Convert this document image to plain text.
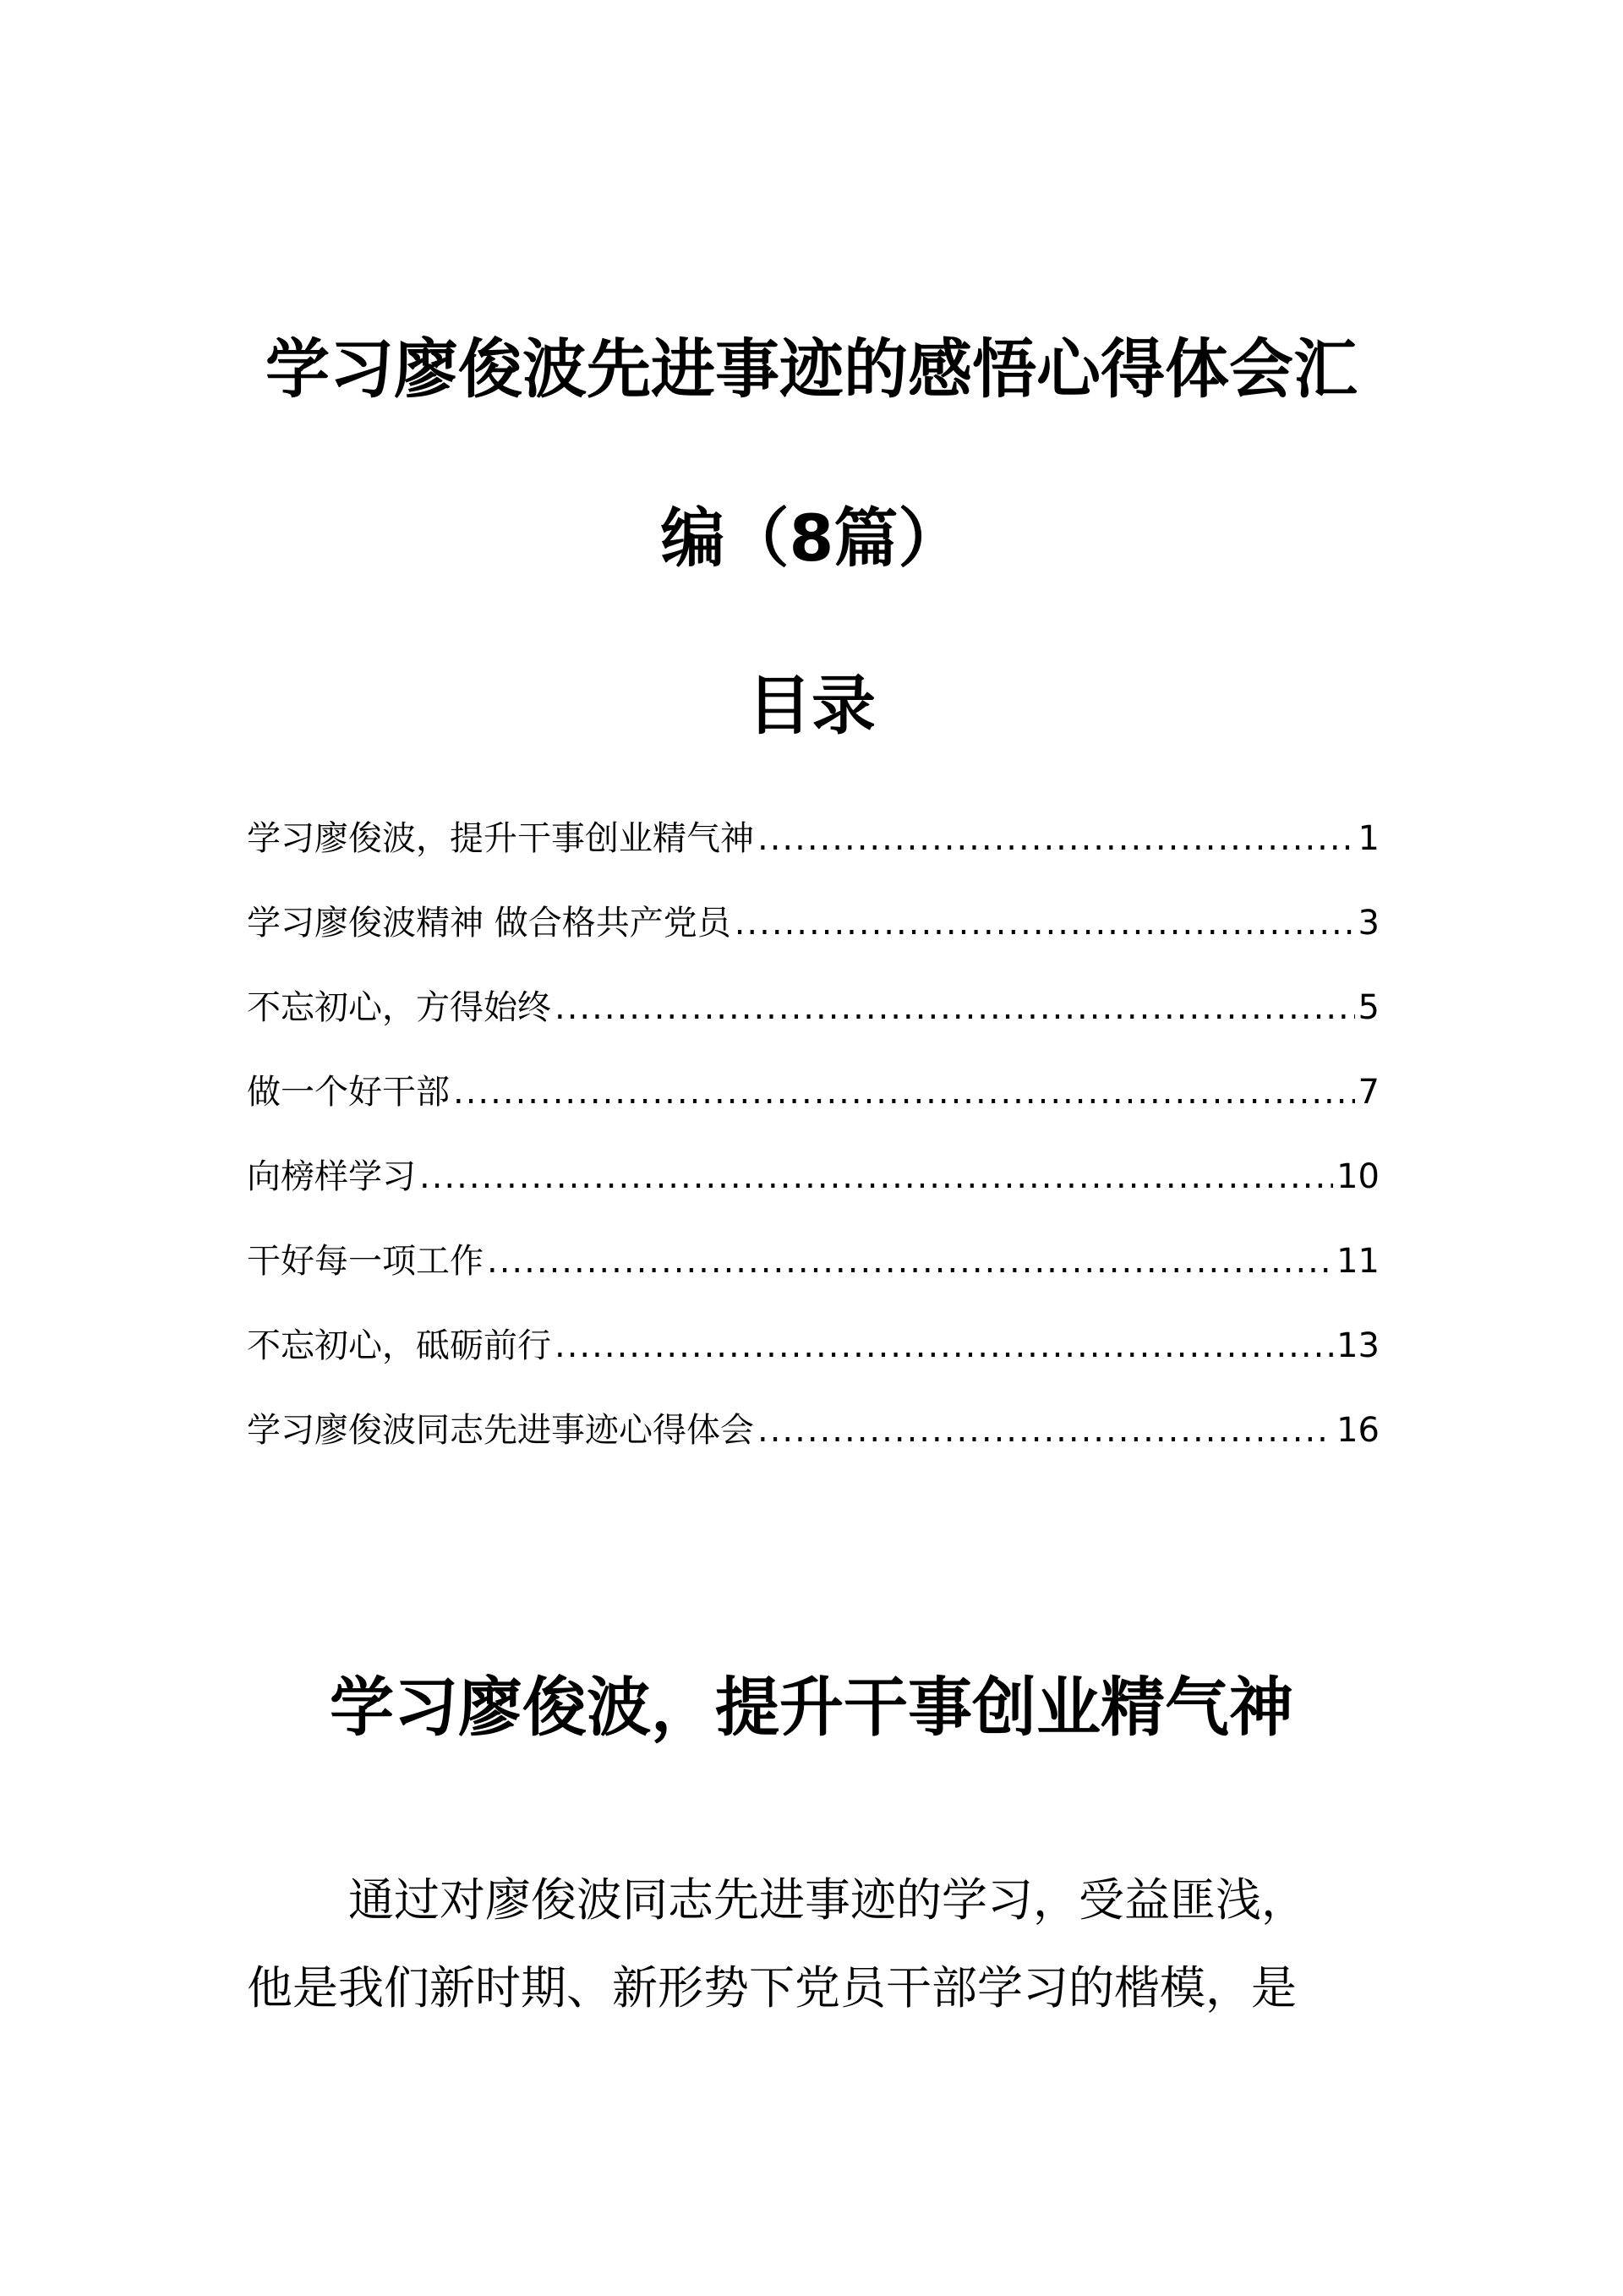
学习廖俊波先进事迹的感悟心得体会汇
编（8篇）
目录
学习廖俊波，提升干事创业精气神 .....	1
学习廖俊波精神 做合格共产党员 .....	3
不忘初心，方得始终 .....	5
做一个好干部 .....	7
向榜样学习 .....	10
干好每一项工作 .....	11
不忘初心，砥砺前行 .....	13
学习廖俊波同志先进事迹心得体会 .....	16
学习廖俊波，提升干事创业精气神

通过对廖俊波同志先进事迹的学习，受益匪浅，
他是我们新时期、新形势下党员干部学习的楷模，是
